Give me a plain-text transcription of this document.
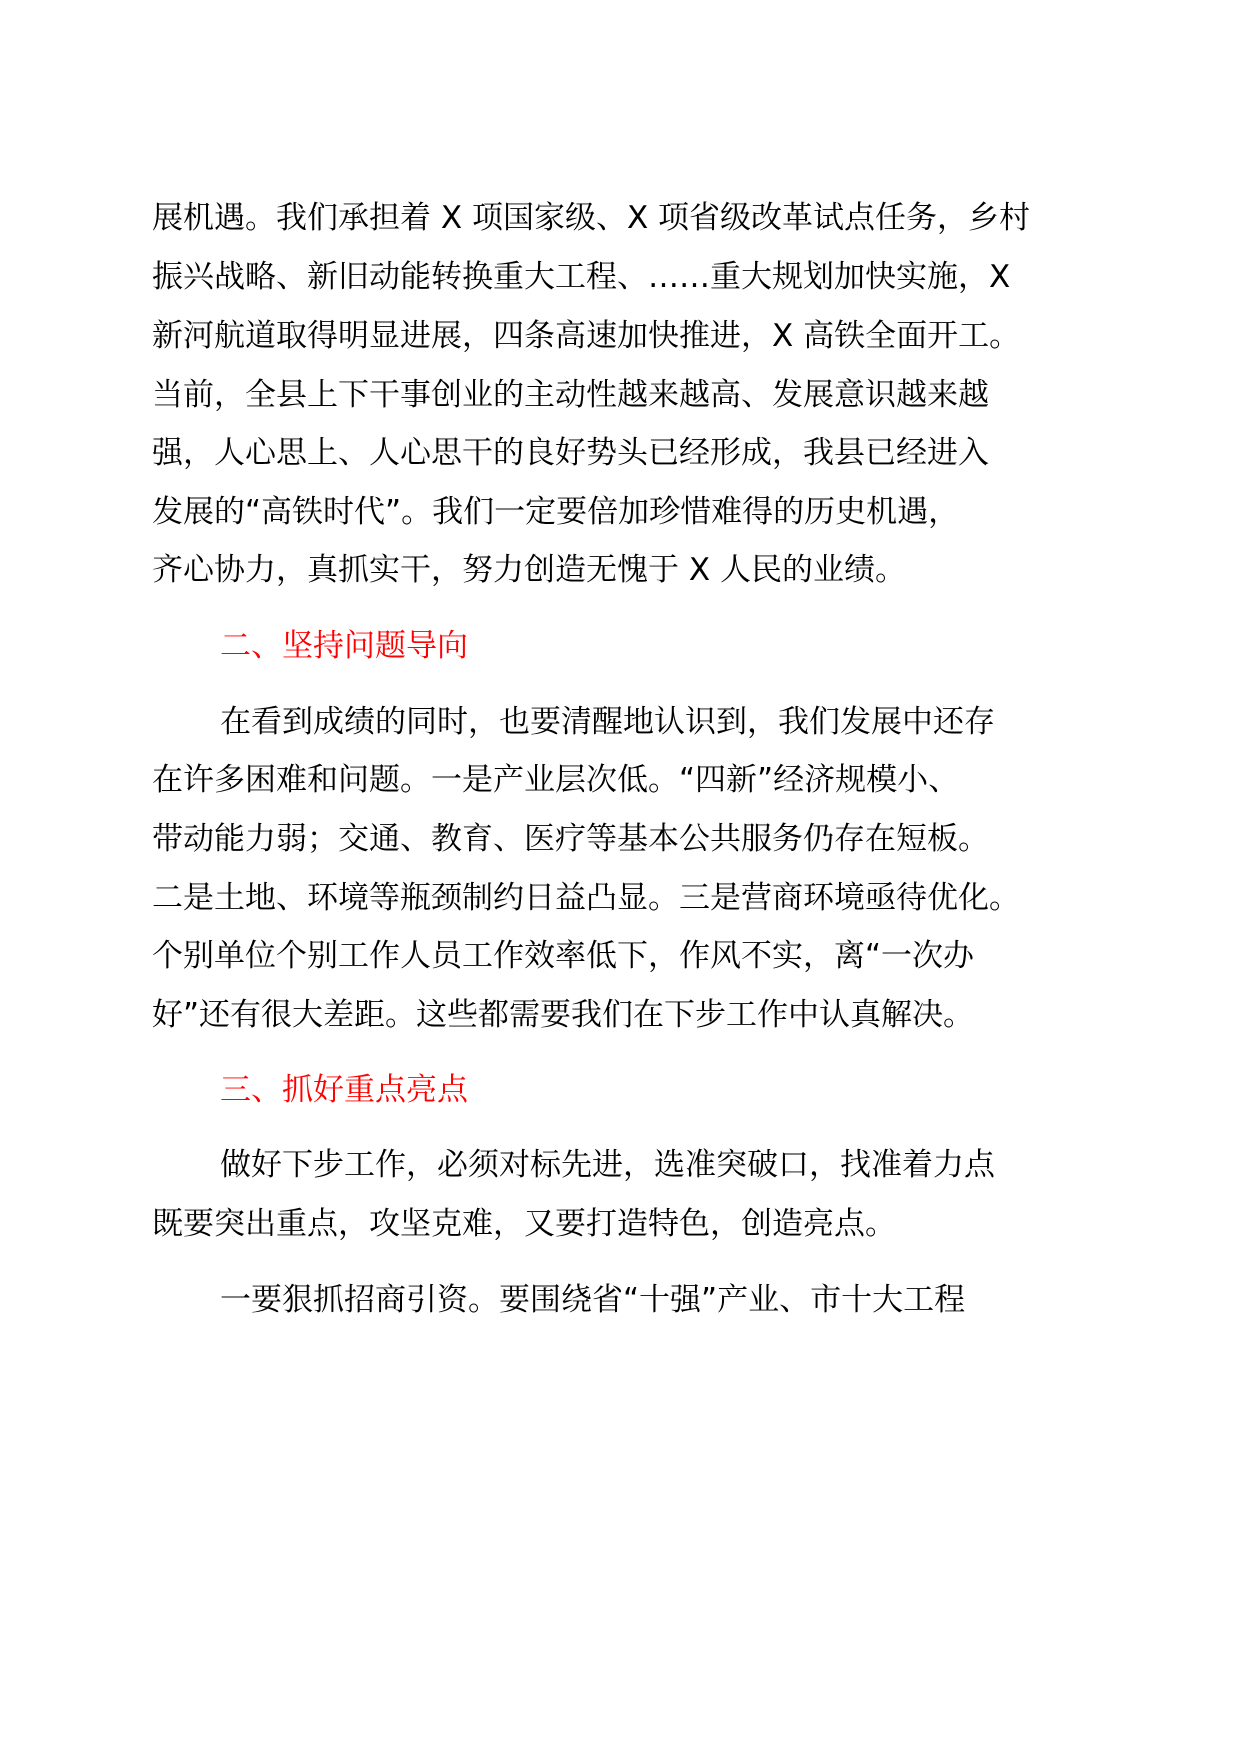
展机遇。我们承担着 X 项国家级、X 项省级改革试点任务，乡村
振兴战略、新旧动能转换重大工程、……重大规划加快实施，X
新河航道取得明显进展，四条高速加快推进，X 高铁全面开工。
当前，全县上下干事创业的主动性越来越高、发展意识越来越
强，人心思上、人心思干的良好势头已经形成，我县已经进入
发展的“高铁时代”。我们一定要倍加珍惜难得的历史机遇，
齐心协力，真抓实干，努力创造无愧于 X 人民的业绩。
二、坚持问题导向
在看到成绩的同时，也要清醒地认识到，我们发展中还存
在许多困难和问题。一是产业层次低。“四新”经济规模小、
带动能力弱；交通、教育、医疗等基本公共服务仍存在短板。
二是土地、环境等瓶颈制约日益凸显。三是营商环境亟待优化。
个别单位个别工作人员工作效率低下，作风不实，离“一次办
好”还有很大差距。这些都需要我们在下步工作中认真解决。
三、抓好重点亮点
做好下步工作，必须对标先进，选准突破口，找准着力点
既要突出重点，攻坚克难，又要打造特色，创造亮点。
一要狠抓招商引资。要围绕省“十强”产业、市十大工程
